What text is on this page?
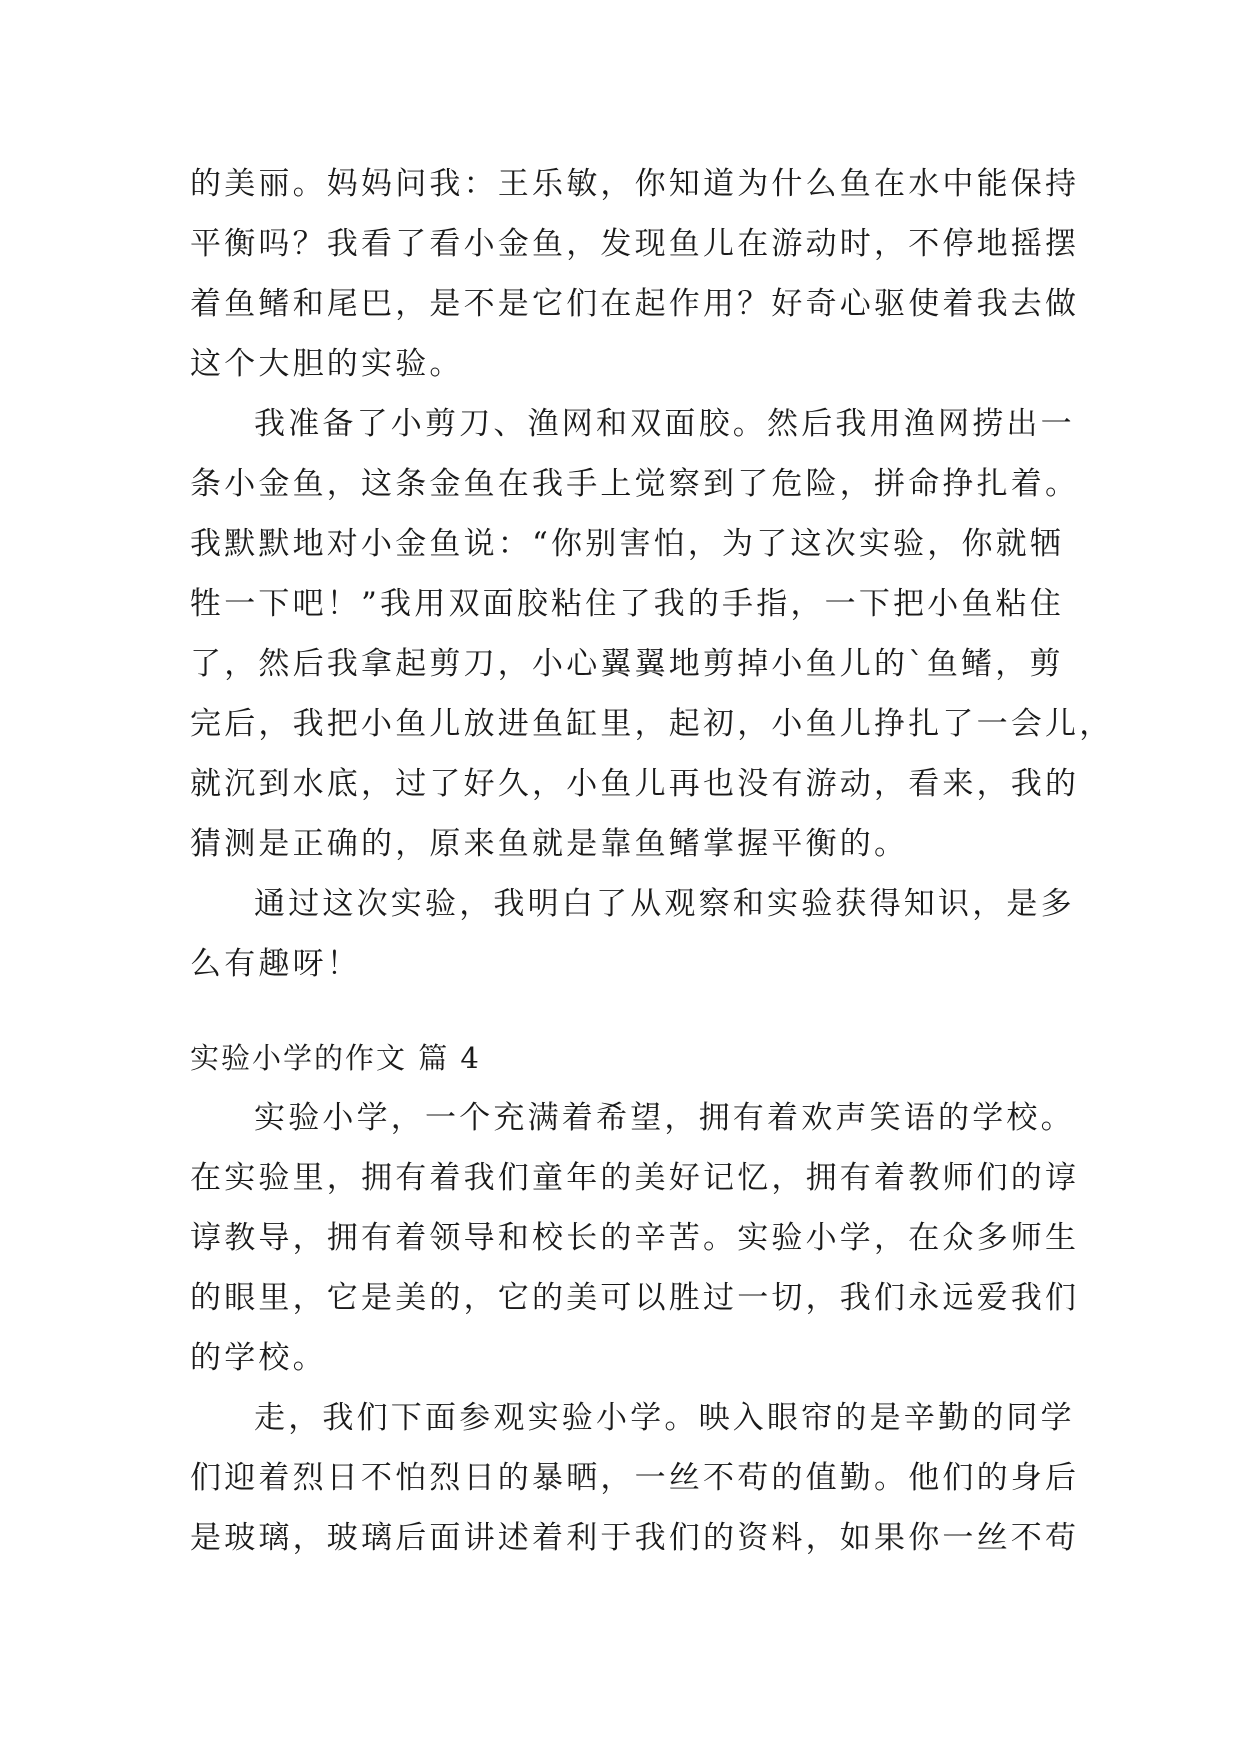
的美丽。妈妈问我：王乐敏，你知道为什么鱼在水中能保持
平衡吗？我看了看小金鱼，发现鱼儿在游动时，不停地摇摆
着鱼鳍和尾巴，是不是它们在起作用？好奇心驱使着我去做
这个大胆的实验。
我准备了小剪刀、渔网和双面胶。然后我用渔网捞出一
条小金鱼，这条金鱼在我手上觉察到了危险，拼命挣扎着。
我默默地对小金鱼说：“你别害怕，为了这次实验，你就牺
牲一下吧！”我用双面胶粘住了我的手指，一下把小鱼粘住
了，然后我拿起剪刀，小心翼翼地剪掉小鱼儿的`鱼鳍，剪
完后，我把小鱼儿放进鱼缸里，起初，小鱼儿挣扎了一会儿，
就沉到水底，过了好久，小鱼儿再也没有游动，看来，我的
猜测是正确的，原来鱼就是靠鱼鳍掌握平衡的。
通过这次实验，我明白了从观察和实验获得知识，是多
么有趣呀！
实验小学的作文 篇 4
实验小学，一个充满着希望，拥有着欢声笑语的学校。
在实验里，拥有着我们童年的美好记忆，拥有着教师们的谆
谆教导，拥有着领导和校长的辛苦。实验小学，在众多师生
的眼里，它是美的，它的美可以胜过一切，我们永远爱我们
的学校。
走，我们下面参观实验小学。映入眼帘的是辛勤的同学
们迎着烈日不怕烈日的暴晒，一丝不苟的值勤。他们的身后
是玻璃，玻璃后面讲述着利于我们的资料，如果你一丝不苟
